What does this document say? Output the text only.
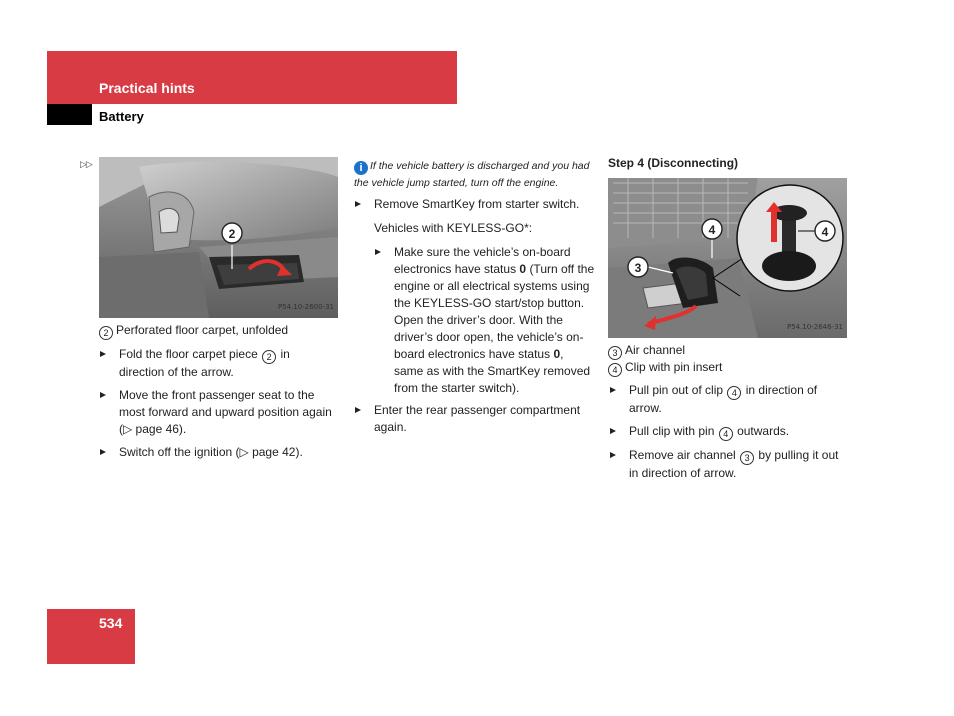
Practical hints
Battery
▷▷
2
P54.10-2600-31
2 Perforated floor carpet, unfolded
Fold the floor carpet piece 2 in direction of the arrow.
Move the front passenger seat to the most forward and upward position again (▷ page 46).
Switch off the ignition (▷ page 42).
i If the vehicle battery is discharged and you had the vehicle jump started, turn off the engine.
Remove SmartKey from starter switch.
Vehicles with KEYLESS-GO*:
Make sure the vehicle’s on-board electronics have status 0 (Turn off the engine or all electrical systems using the KEYLESS-GO start/stop button. Open the driver’s door. With the driver’s door open, the vehicle’s on-board electronics have status 0, same as with the SmartKey removed from the starter switch).
Enter the rear passenger compartment again.
Step 4 (Disconnecting)
4
3
4
P54.10-2646-31
3 Air channel
4 Clip with pin insert
Pull pin out of clip 4 in direction of arrow.
Pull clip with pin 4 outwards.
Remove air channel 3 by pulling it out in direction of arrow.
534
